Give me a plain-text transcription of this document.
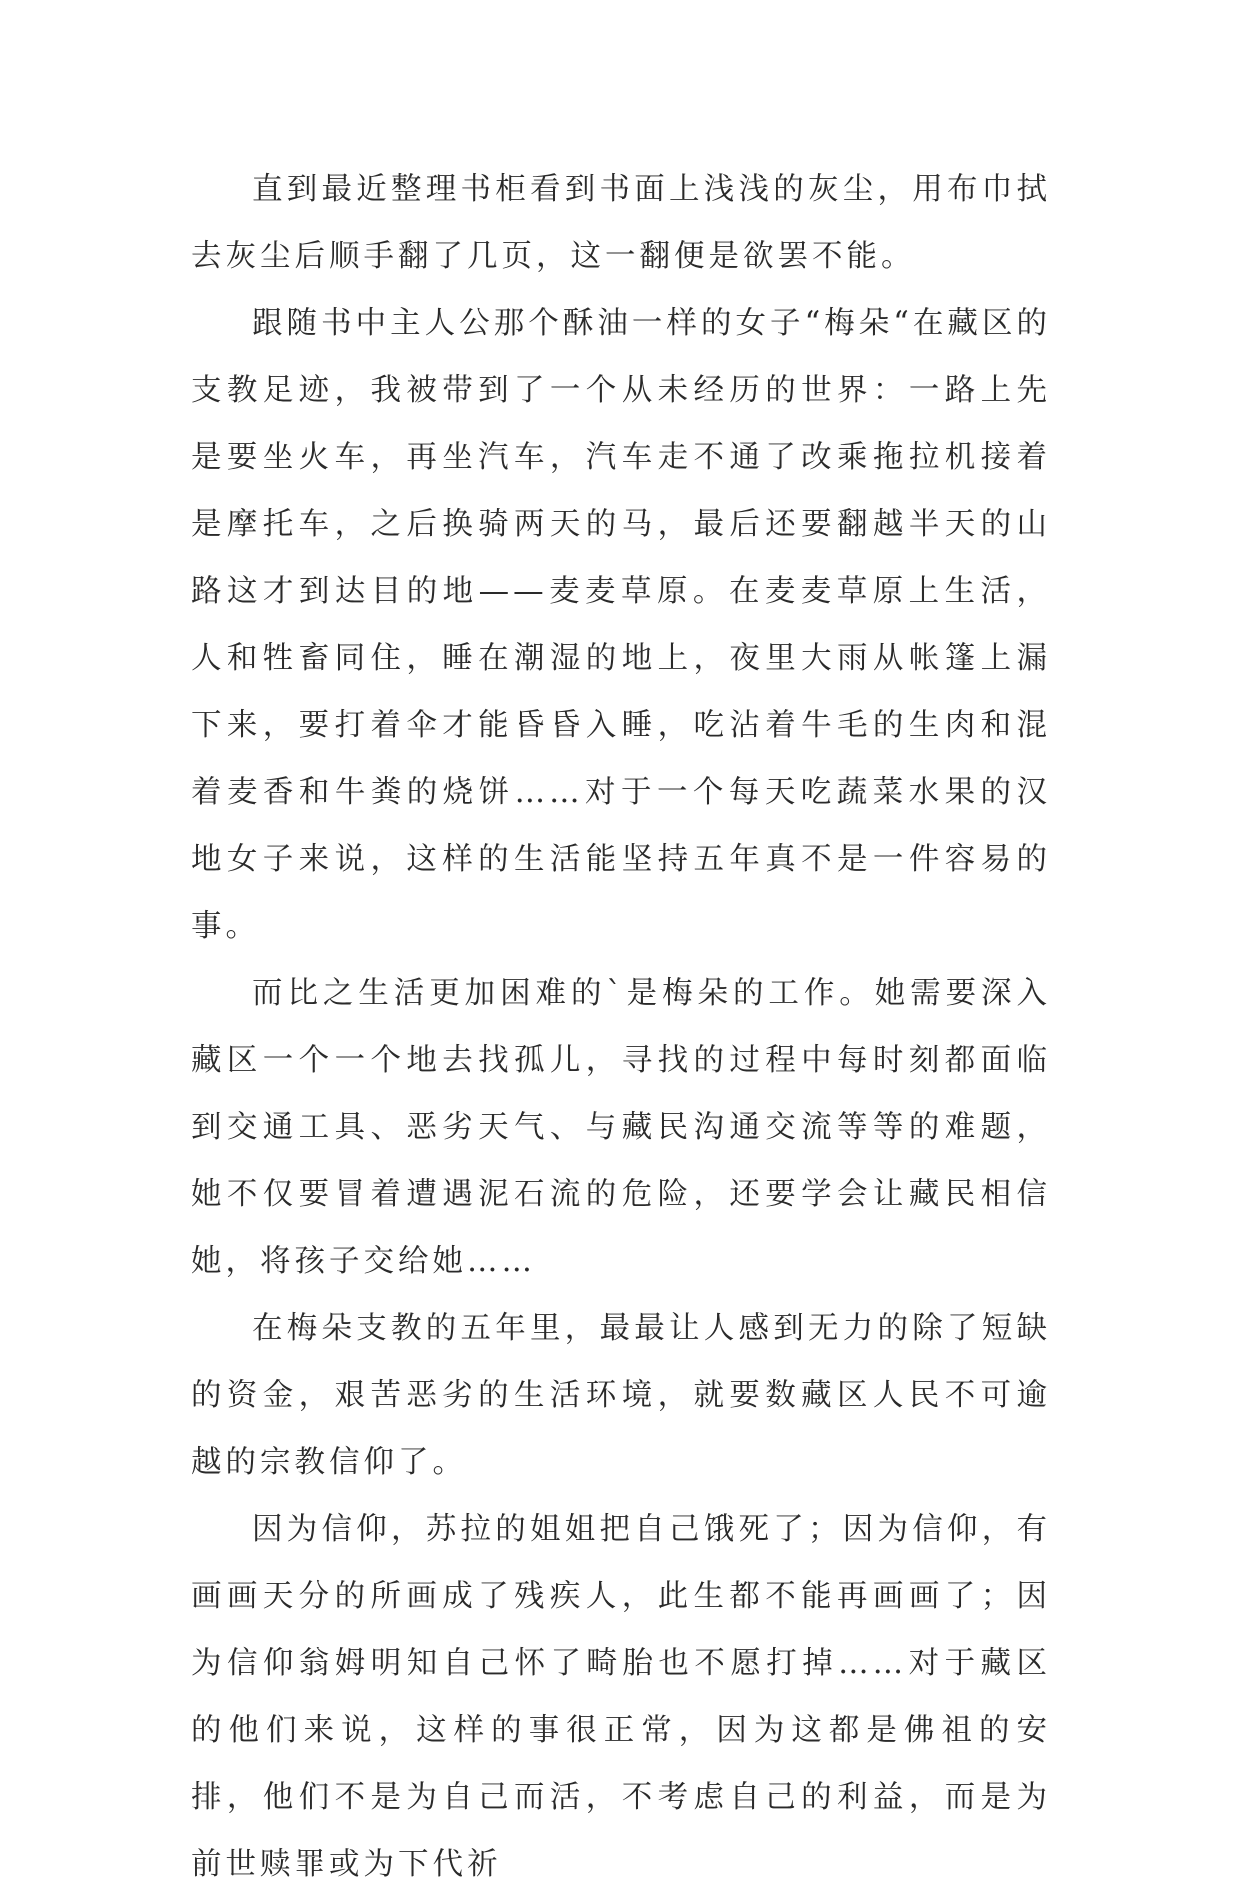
直到最近整理书柜看到书面上浅浅的灰尘，用布巾拭去灰尘后顺手翻了几页，这一翻便是欲罢不能。

跟随书中主人公那个酥油一样的女子“梅朵“在藏区的支教足迹，我被带到了一个从未经历的世界：一路上先是要坐火车，再坐汽车，汽车走不通了改乘拖拉机接着是摩托车，之后换骑两天的马，最后还要翻越半天的山路这才到达目的地——麦麦草原。在麦麦草原上生活，人和牲畜同住，睡在潮湿的地上，夜里大雨从帐篷上漏下来，要打着伞才能昏昏入睡，吃沾着牛毛的生肉和混着麦香和牛粪的烧饼……对于一个每天吃蔬菜水果的汉地女子来说，这样的生活能坚持五年真不是一件容易的事。

而比之生活更加困难的`是梅朵的工作。她需要深入藏区一个一个地去找孤儿，寻找的过程中每时刻都面临到交通工具、恶劣天气、与藏民沟通交流等等的难题，她不仅要冒着遭遇泥石流的危险，还要学会让藏民相信她，将孩子交给她……

在梅朵支教的五年里，最最让人感到无力的除了短缺的资金，艰苦恶劣的生活环境，就要数藏区人民不可逾越的宗教信仰了。

因为信仰，苏拉的姐姐把自己饿死了；因为信仰，有画画天分的所画成了残疾人，此生都不能再画画了；因为信仰翁姆明知自己怀了畸胎也不愿打掉……对于藏区的他们来说，这样的事很正常，因为这都是佛祖的安排，他们不是为自己而活，不考虑自己的利益，而是为前世赎罪或为下代祈
